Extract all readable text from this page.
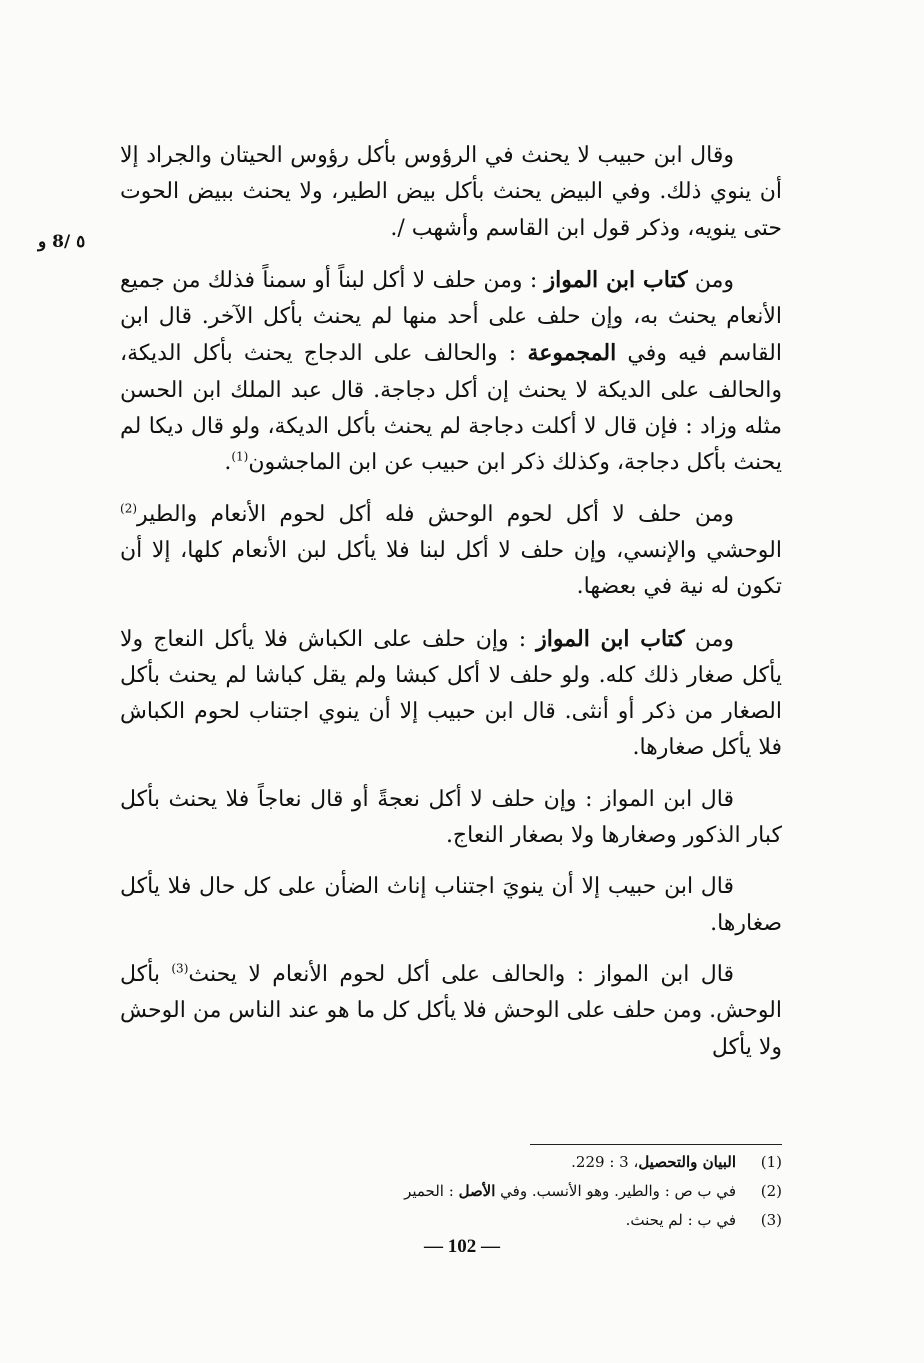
٥ /8 و

وقال ابن حبيب لا يحنث في الرؤوس بأكل رؤوس الحيتان والجراد إلا أن ينوي ذلك. وفي البيض يحنث بأكل بيض الطير، ولا يحنث ببيض الحوت حتى ينويه، وذكر قول ابن القاسم وأشهب /.

ومن كتاب ابن المواز : ومن حلف لا أكل لبناً أو سمناً فذلك من جميع الأنعام يحنث به، وإن حلف على أحد منها لم يحنث بأكل الآخر. قال ابن القاسم فيه وفي المجموعة : والحالف على الدجاج يحنث بأكل الديكة، والحالف على الديكة لا يحنث إن أكل دجاجة. قال عبد الملك ابن الحسن مثله وزاد : فإن قال لا أكلت دجاجة لم يحنث بأكل الديكة، ولو قال ديكا لم يحنث بأكل دجاجة، وكذلك ذكر ابن حبيب عن ابن الماجشون$^{(1)}$.

ومن حلف لا أكل لحوم الوحش فله أكل لحوم الأنعام والطير$^{(2)}$ الوحشي والإنسي، وإن حلف لا أكل لبنا فلا يأكل لبن الأنعام كلها، إلا أن تكون له نية في بعضها.

ومن كتاب ابن المواز : وإن حلف على الكباش فلا يأكل النعاج ولا يأكل صغار ذلك كله. ولو حلف لا أكل كبشا ولم يقل كباشا لم يحنث بأكل الصغار من ذكر أو أنثى. قال ابن حبيب إلا أن ينوي اجتناب لحوم الكباش فلا يأكل صغارها.

قال ابن المواز : وإن حلف لا أكل نعجةً أو قال نعاجاً فلا يحنث بأكل كبار الذكور وصغارها ولا بصغار النعاج.

قال ابن حبيب إلا أن ينويَ اجتناب إناث الضأن على كل حال فلا يأكل صغارها.

قال ابن المواز : والحالف على أكل لحوم الأنعام لا يحنث$^{(3)}$ بأكل الوحش. ومن حلف على الوحش فلا يأكل كل ما هو عند الناس من الوحش ولا يأكل

(1)البيان والتحصيل، 3 : 229.
(2)في ب ص : والطير. وهو الأنسب. وفي الأصل : الحمير
(3)في ب : لم يحنث.
— 102 —
